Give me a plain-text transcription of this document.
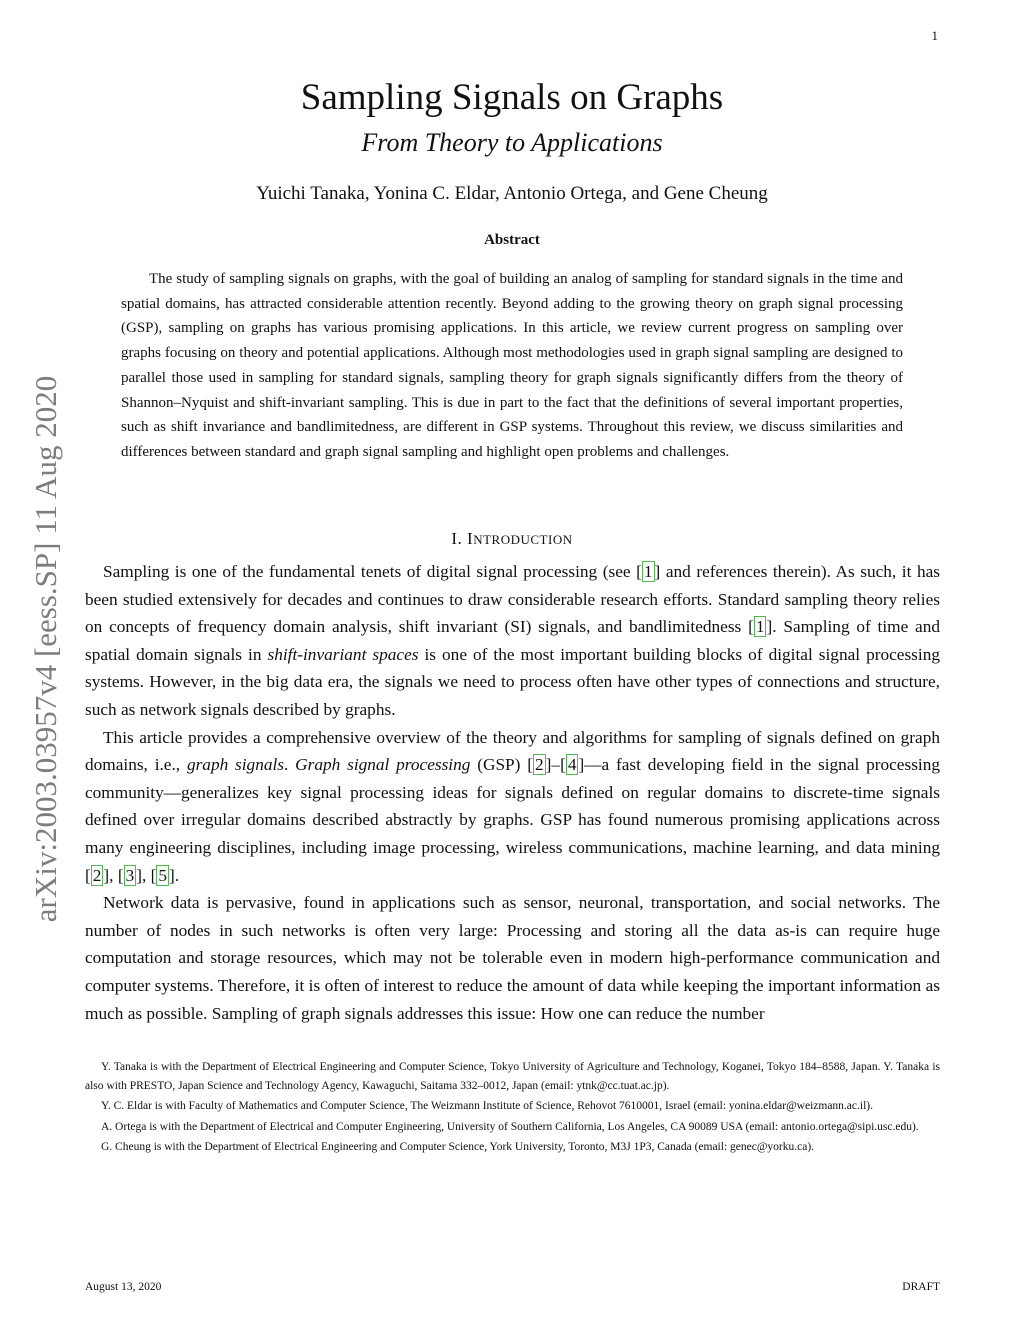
1
arXiv:2003.03957v4 [eess.SP] 11 Aug 2020
Sampling Signals on Graphs
From Theory to Applications
Yuichi Tanaka, Yonina C. Eldar, Antonio Ortega, and Gene Cheung
Abstract

The study of sampling signals on graphs, with the goal of building an analog of sampling for standard signals in the time and spatial domains, has attracted considerable attention recently. Beyond adding to the growing theory on graph signal processing (GSP), sampling on graphs has various promising applications. In this article, we review current progress on sampling over graphs focusing on theory and potential applications. Although most methodologies used in graph signal sampling are designed to parallel those used in sampling for standard signals, sampling theory for graph signals significantly differs from the theory of Shannon–Nyquist and shift-invariant sampling. This is due in part to the fact that the definitions of several important properties, such as shift invariance and bandlimitedness, are different in GSP systems. Throughout this review, we discuss similarities and differences between standard and graph signal sampling and highlight open problems and challenges.

I. INTRODUCTION

Sampling is one of the fundamental tenets of digital signal processing (see [ 1 ] and references therein). As such, it has been studied extensively for decades and continues to draw considerable research efforts. Standard sampling theory relies on concepts of frequency domain analysis, shift invariant (SI) signals, and bandlimitedness [ 1 ]. Sampling of time and spatial domain signals in shift-invariant spaces is one of the most important building blocks of digital signal processing systems. However, in the big data era, the signals we need to process often have other types of connections and structure, such as network signals described by graphs.

This article provides a comprehensive overview of the theory and algorithms for sampling of signals defined on graph domains, i.e., graph signals. Graph signal processing (GSP) [ 2 ]–[ 4 ]—a fast developing field in the signal processing community—generalizes key signal processing ideas for signals defined on regular domains to discrete-time signals defined over irregular domains described abstractly by graphs. GSP has found numerous promising applications across many engineering disciplines, including image processing, wireless communications, machine learning, and data mining [ 2 ], [ 3 ], [ 5 ].

Network data is pervasive, found in applications such as sensor, neuronal, transportation, and social networks. The number of nodes in such networks is often very large: Processing and storing all the data as-is can require huge computation and storage resources, which may not be tolerable even in modern high-performance communication and computer systems. Therefore, it is often of interest to reduce the amount of data while keeping the important information as much as possible. Sampling of graph signals addresses this issue: How one can reduce the number

Y. Tanaka is with the Department of Electrical Engineering and Computer Science, Tokyo University of Agriculture and Technology, Koganei, Tokyo 184–8588, Japan. Y. Tanaka is also with PRESTO, Japan Science and Technology Agency, Kawaguchi, Saitama 332–0012, Japan (email: ytnk@cc.tuat.ac.jp).

Y. C. Eldar is with Faculty of Mathematics and Computer Science, The Weizmann Institute of Science, Rehovot 7610001, Israel (email: yonina.eldar@weizmann.ac.il).

A. Ortega is with the Department of Electrical and Computer Engineering, University of Southern California, Los Angeles, CA 90089 USA (email: antonio.ortega@sipi.usc.edu).

G. Cheung is with the Department of Electrical Engineering and Computer Science, York University, Toronto, M3J 1P3, Canada (email: genec@yorku.ca).

August 13, 2020	DRAFT
